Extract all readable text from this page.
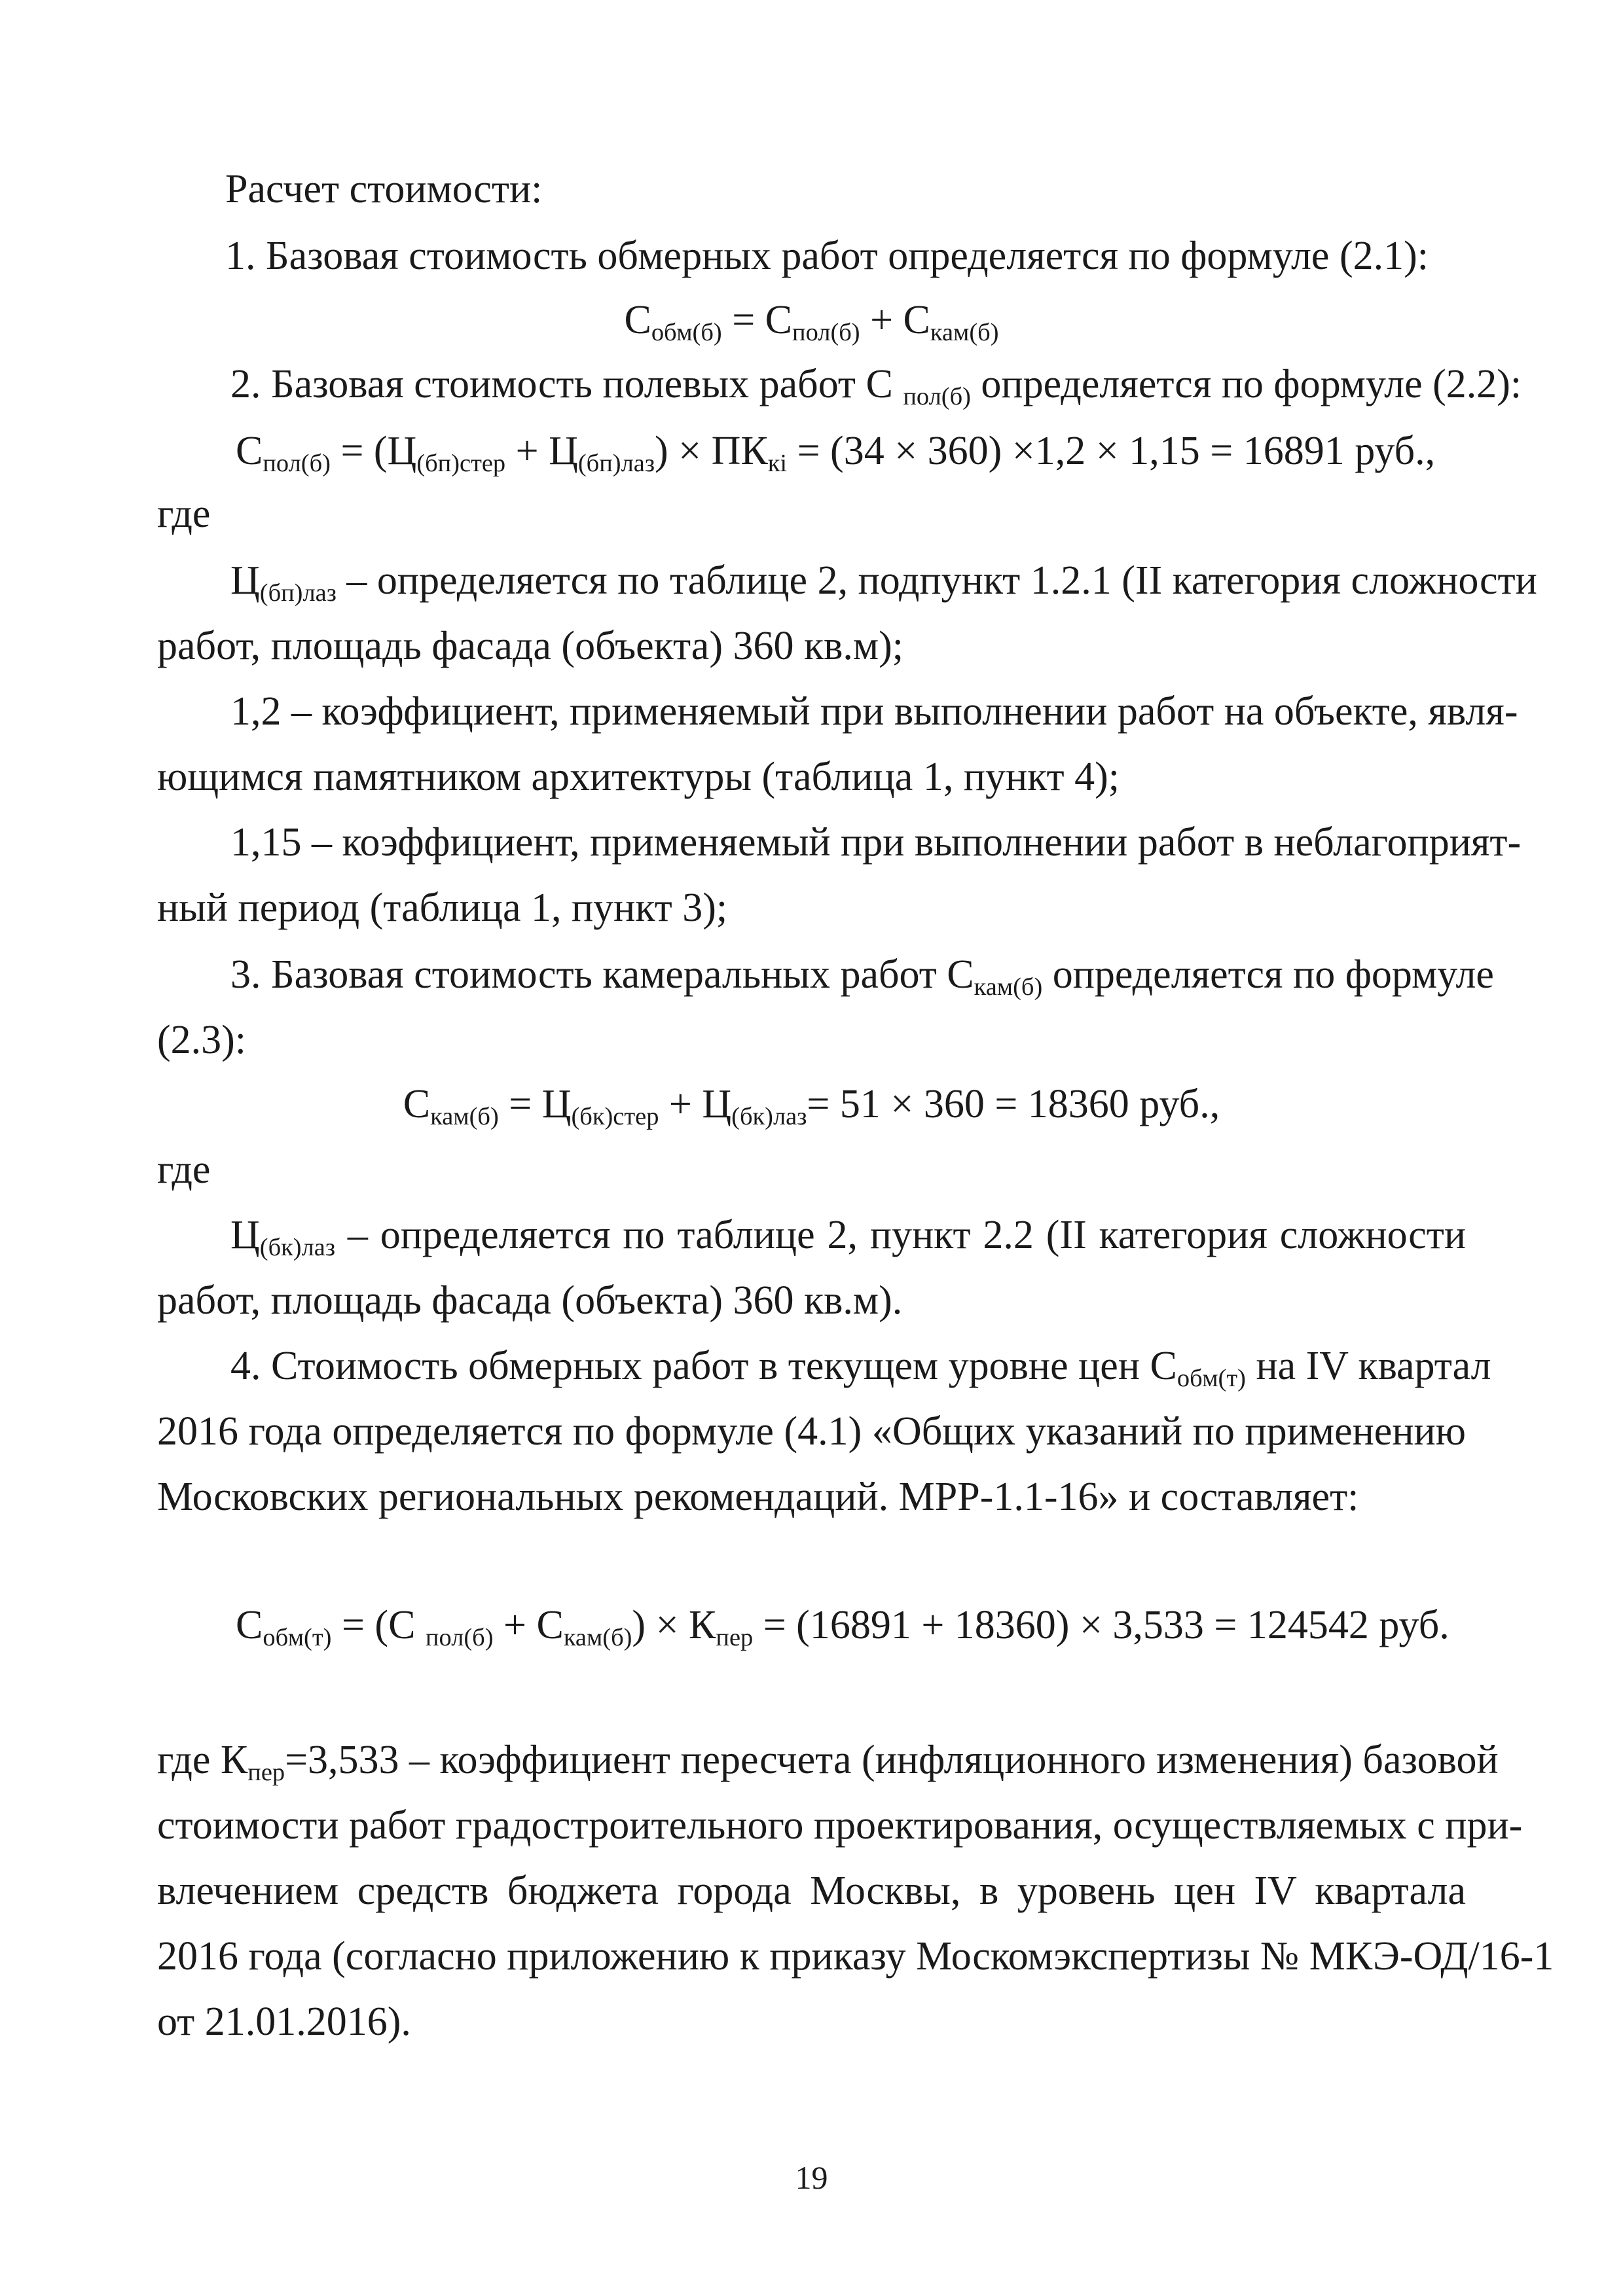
Расчет стоимости:
1. Базовая стоимость обмерных работ определяется по формуле (2.1):
$С_{обм(б)} = С_{пол(б)} + С_{кам(б)}$
2. Базовая стоимость полевых работ С $_{пол(б)}$ определяется по формуле (2.2):
$С_{пол(б)} = (Ц_{(бп)стер} + Ц_{(бп)лаз}) \times ПК_{кi} = (34 \times 360) \times 1,2 \times 1,15 = 16891$ руб.,
где
$Ц_{(бп)лаз}$ – определяется по таблице 2, подпункт 1.2.1 (II категория сложности
работ, площадь фасада (объекта) 360 кв.м);
1,2 – коэффициент, применяемый при выполнении работ на объекте, явля-
ющимся памятником архитектуры (таблица 1, пункт 4);
1,15 – коэффициент, применяемый при выполнении работ в неблагоприят-
ный период (таблица 1, пункт 3);
3. Базовая стоимость камеральных работ $С_{кам(б)}$ определяется по формуле
(2.3):
$С_{кам(б)} = Ц_{(бк)стер} + Ц_{(бк)лаз}= 51 \times 360 = 18360$ руб.,
где
$Ц_{(бк)лаз}$ – определяется по таблице 2, пункт 2.2 (II категория сложности
работ, площадь фасада (объекта) 360 кв.м).
4. Стоимость обмерных работ в текущем уровне цен $С_{обм(т)}$ на IV квартал
2016 года определяется по формуле (4.1) «Общих указаний по применению
Московских региональных рекомендаций. МРР-1.1-16» и составляет:
$С_{обм(т)} = (С$ $_{пол(б)} + С_{кам(б)}) \times К_{пер} = (16891 + 18360) \times 3,533 = 124542$ руб.
где $К_{пер}=3,533$ – коэффициент пересчета (инфляционного изменения) базовой
стоимости работ градостроительного проектирования, осуществляемых с при-
влечением средств бюджета города Москвы, в уровень цен IV квартала
2016 года (согласно приложению к приказу Москомэкспертизы № МКЭ-ОД/16-1
от 21.01.2016).
19
